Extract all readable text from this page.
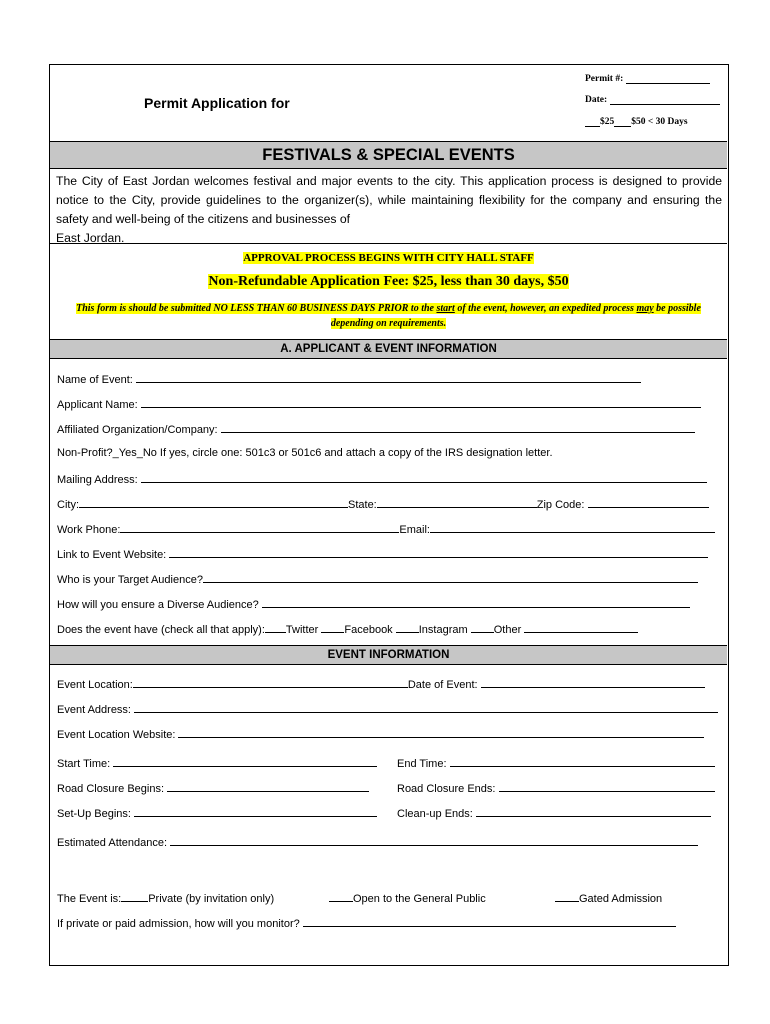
Permit Application for
Permit #:
Date:
$25 $50 < 30 Days
FESTIVALS & SPECIAL EVENTS

The City of East Jordan welcomes festival and major events to the city. This application process is designed to provide notice to the City, provide guidelines to the organizer(s), while maintaining flexibility for the company and ensuring the safety and well-being of the citizens and businesses of

East Jordan.

APPROVAL PROCESS BEGINS WITH CITY HALL STAFF
Non-Refundable Application Fee: $25, less than 30 days, $50
This form is should be submitted NO LESS THAN 60 BUSINESS DAYS PRIOR to the start of the event, however, an expedited process may be possible depending on requirements.
A. APPLICANT & EVENT INFORMATION
Name of Event:
Applicant Name:
Affiliated Organization/Company:
Non-Profit?_Yes_No If yes, circle one: 501c3 or 501c6 and attach a copy of the IRS designation letter.
Mailing Address:
City:	State:	Zip Code:
Work Phone:	Email:
Link to Event Website:
Who is your Target Audience?
How will you ensure a Diverse Audience?
Does the event have (check all that apply): Twitter Facebook Instagram Other
EVENT INFORMATION
Event Location:	Date of Event:
Event Address:
Event Location Website:
Start Time:	End Time:
Road Closure Begins:	Road Closure Ends:
Set-Up Begins:	Clean-up Ends:
Estimated Attendance:
The Event is: Private (by invitation only)	Open to the General Public	Gated Admission
If private or paid admission, how will you monitor?
